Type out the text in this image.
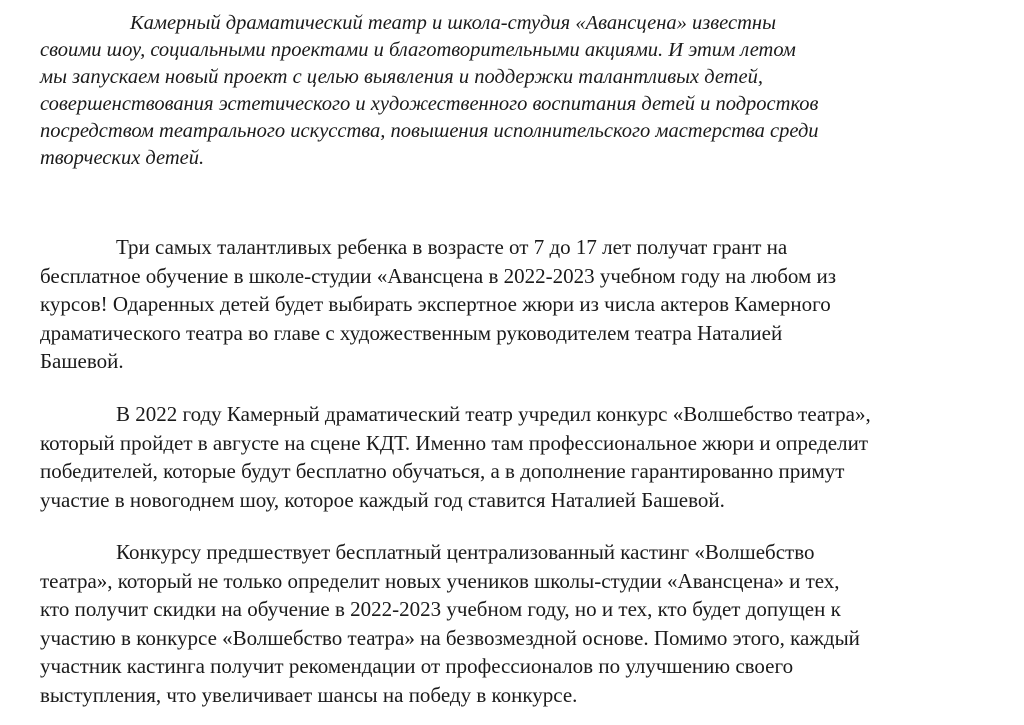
Камерный драматический театр и школа-студия «Авансцена» известны
своими шоу, социальными проектами и благотворительными акциями. И этим летом
мы запускаем новый проект с целью выявления и поддержки талантливых детей,
совершенствования эстетического и художественного воспитания детей и подростков
посредством театрального искусства, повышения исполнительского мастерства среди
творческих детей.
Три самых талантливых ребенка в возрасте от 7 до 17 лет получат грант на
бесплатное обучение в школе-студии «Авансцена в 2022-2023 учебном году на любом из
курсов! Одаренных детей будет выбирать экспертное жюри из числа актеров Камерного
драматического театра во главе с художественным руководителем театра Наталией
Башевой.
В 2022 году Камерный драматический театр учредил конкурс «Волшебство театра»,
который пройдет в августе на сцене КДТ. Именно там профессиональное жюри и определит
победителей, которые будут бесплатно обучаться, а в дополнение гарантированно примут
участие в новогоднем шоу, которое каждый год ставится Наталией Башевой.
Конкурсу предшествует бесплатный централизованный кастинг «Волшебство
театра», который не только определит новых учеников школы-студии «Авансцена» и тех,
кто получит скидки на обучение в 2022-2023 учебном году, но и тех, кто будет допущен к
участию в конкурсе «Волшебство театра» на безвозмездной основе. Помимо этого, каждый
участник кастинга получит рекомендации от профессионалов по улучшению своего
выступления, что увеличивает шансы на победу в конкурсе.
